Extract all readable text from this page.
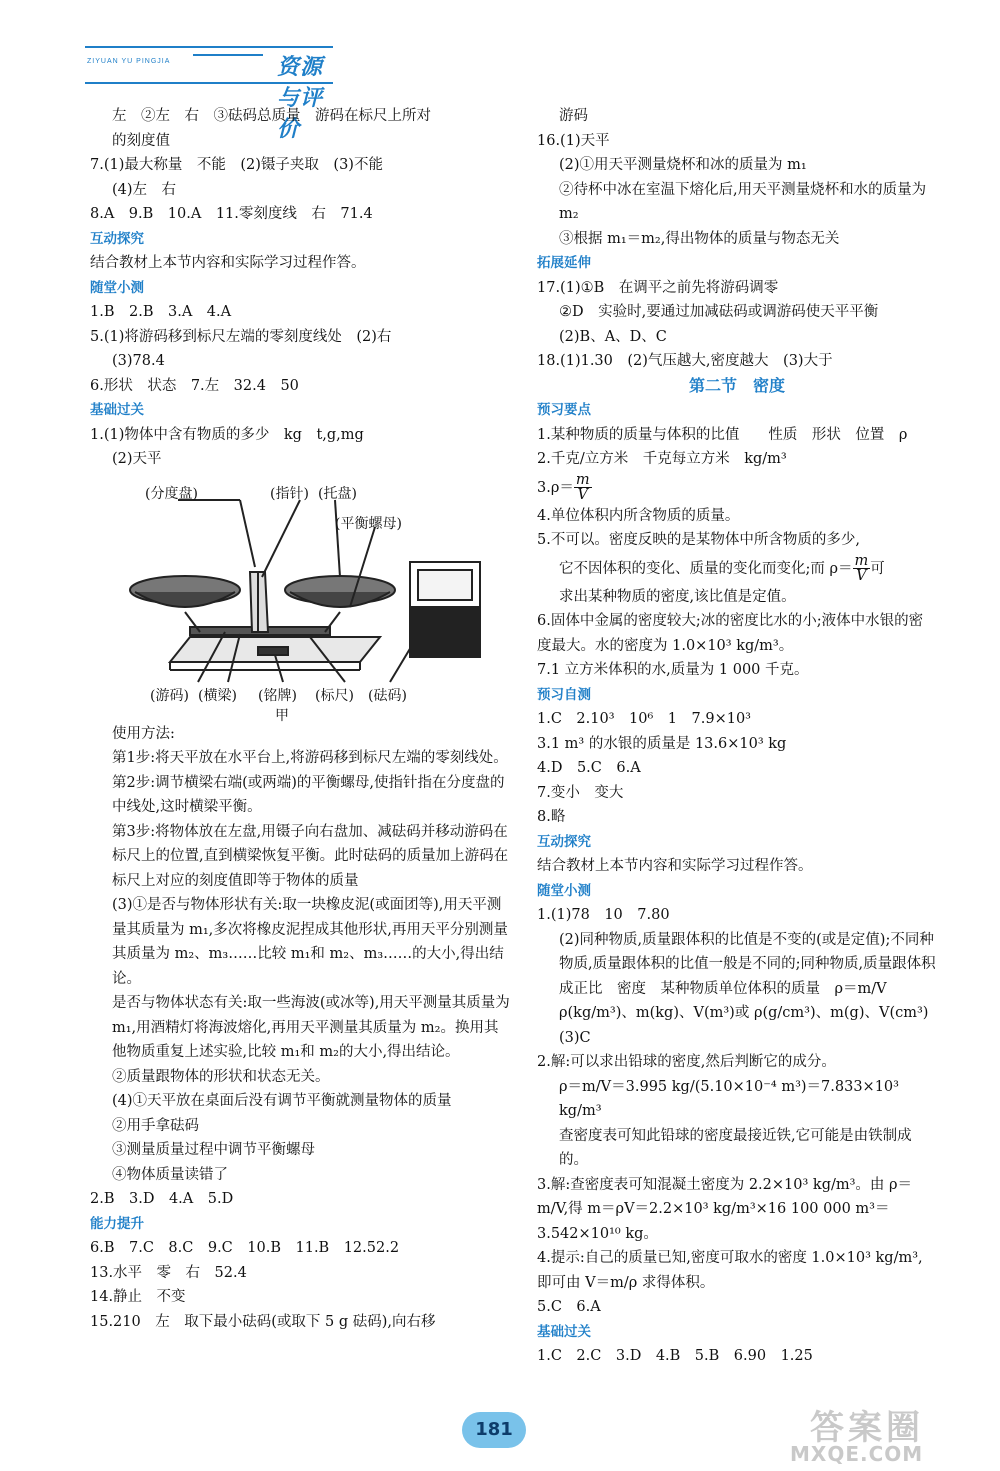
ZIYUAN YU PINGJIA	资源与评价
左　②左　右　③砝码总质量　游码在标尺上所对
的刻度值
7.(1)最大称量　不能　(2)镊子夹取　(3)不能
(4)左　右
8.A　9.B　10.A　11.零刻度线　右　71.4
互动探究
结合教材上本节内容和实际学习过程作答。
随堂小测
1.B　2.B　3.A　4.A
5.(1)将游码移到标尺左端的零刻度线处　(2)右
(3)78.4
6.形状　状态　7.左　32.4　50
基础过关
1.(1)物体中含有物质的多少　kg　t,g,mg
(2)天平
(分度盘)	(指针) (托盘)
(平衡螺母)
(游码) (横梁) (铭牌) (标尺) (砝码)
甲
使用方法:
第1步:将天平放在水平台上,将游码移到标尺左端的零刻线处。
第2步:调节横梁右端(或两端)的平衡螺母,使指针指在分度盘的中线处,这时横梁平衡。
第3步:将物体放在左盘,用镊子向右盘加、减砝码并移动游码在标尺上的位置,直到横梁恢复平衡。此时砝码的质量加上游码在标尺上对应的刻度值即等于物体的质量
(3)①是否与物体形状有关:取一块橡皮泥(或面团等),用天平测量其质量为 m₁,多次将橡皮泥捏成其他形状,再用天平分别测量其质量为 m₂、m₃……比较 m₁和 m₂、m₃……的大小,得出结论。
是否与物体状态有关:取一些海波(或冰等),用天平测量其质量为 m₁,用酒精灯将海波熔化,再用天平测量其质量为 m₂。换用其他物质重复上述实验,比较 m₁和 m₂的大小,得出结论。
②质量跟物体的形状和状态无关。
(4)①天平放在桌面后没有调节平衡就测量物体的质量
②用手拿砝码
③测量质量过程中调节平衡螺母
④物体质量读错了
2.B　3.D　4.A　5.D
能力提升
6.B　7.C　8.C　9.C　10.B　11.B　12.52.2
13.水平　零　右　52.4
14.静止　不变
15.210　左　取下最小砝码(或取下 5 g 砝码),向右移
游码
16.(1)天平
(2)①用天平测量烧杯和冰的质量为 m₁
②待杯中冰在室温下熔化后,用天平测量烧杯和水的质量为 m₂
③根据 m₁＝m₂,得出物体的质量与物态无关
拓展延伸
17.(1)①B　在调平之前先将游码调零
②D　实验时,要通过加减砝码或调游码使天平平衡　(2)B、A、D、C
18.(1)1.30　(2)气压越大,密度越大　(3)大于
第二节　密度
预习要点
1.某种物质的质量与体积的比值　　性质　形状　位置　ρ
2.千克/立方米　千克每立方米　kg/m³
$3.\rho= \frac{m}{V}$
4.单位体积内所含物质的质量。
5.不可以。密度反映的是某物体中所含物质的多少,
它不因体积的变化、质量的变化而变化;而 $\rho= \frac{m}{V}$ 可
求出某种物质的密度,该比值是定值。
6.固体中金属的密度较大;冰的密度比水的小;液体中水银的密度最大。水的密度为 1.0×10³ kg/m³。
7.1 立方米体积的水,质量为 1 000 千克。
预习自测
1.C　2.10³　10⁶　1　7.9×10³
3.1 m³ 的水银的质量是 13.6×10³ kg
4.D　5.C　6.A
7.变小　变大
8.略
互动探究
结合教材上本节内容和实际学习过程作答。
随堂小测
1.(1)78　10　7.80
(2)同种物质,质量跟体积的比值是不变的(或是定值);不同种物质,质量跟体积的比值一般是不同的;同种物质,质量跟体积成正比　密度　某种物质单位体积的质量　ρ＝m/V　ρ(kg/m³)、m(kg)、V(m³)或 ρ(g/cm³)、m(g)、V(cm³)
(3)C
2.解:可以求出铅球的密度,然后判断它的成分。
ρ＝m/V＝3.995 kg/(5.10×10⁻⁴ m³)＝7.833×10³ kg/m³
查密度表可知此铅球的密度最接近铁,它可能是由铁制成的。
3.解:查密度表可知混凝土密度为 2.2×10³ kg/m³。由 ρ＝m/V,得 m＝ρV＝2.2×10³ kg/m³×16 100 000 m³＝3.542×10¹⁰ kg。
4.提示:自己的质量已知,密度可取水的密度 1.0×10³ kg/m³,即可由 V＝m/ρ 求得体积。
5.C　6.A
基础过关
1.C　2.C　3.D　4.B　5.B　6.90　1.25
181	答案圈
MXQE.COM
